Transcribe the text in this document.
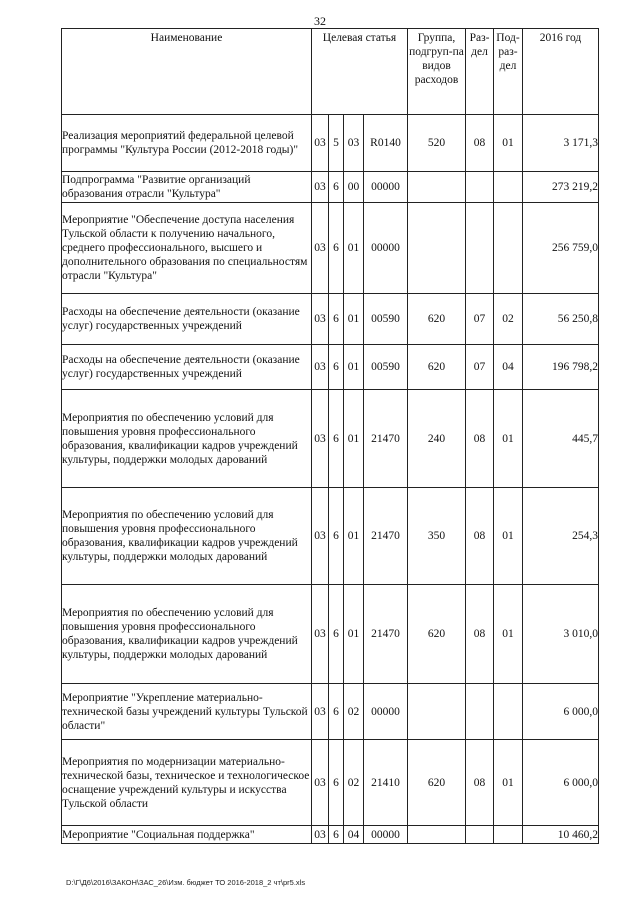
32
Наименование	Целевая статья				Группа, подгруп-па видов расходов	Раз-дел	Под-раз-дел	2016 год
Реализация мероприятий федеральной целевой программы "Культура России (2012-2018 годы)"	03	5	03	R0140	520	08	01	3 171,3
Подпрограмма "Развитие организаций образования отрасли "Культура"	03	6	00	00000				273 219,2
Мероприятие "Обеспечение доступа населения Тульской области к получению начального, среднего профессионального, высшего и дополнительного образования по специальностям отрасли "Культура"	03	6	01	00000				256 759,0
Расходы на обеспечение деятельности (оказание услуг) государственных учреждений	03	6	01	00590	620	07	02	56 250,8
Расходы на обеспечение деятельности (оказание услуг) государственных учреждений	03	6	01	00590	620	07	04	196 798,2
Мероприятия по обеспечению условий для повышения уровня профессионального образования, квалификации кадров учреждений культуры, поддержки молодых дарований	03	6	01	21470	240	08	01	445,7
Мероприятия по обеспечению условий для повышения уровня профессионального образования, квалификации кадров учреждений культуры, поддержки молодых дарований	03	6	01	21470	350	08	01	254,3
Мероприятия по обеспечению условий для повышения уровня профессионального образования, квалификации кадров учреждений культуры, поддержки молодых дарований	03	6	01	21470	620	08	01	3 010,0
Мероприятие "Укрепление материально-технической базы учреждений культуры Тульской области"	03	6	02	00000				6 000,0
Мероприятия по модернизации материально-технической базы, техническое и технологическое оснащение учреждений культуры и искусства Тульской области	03	6	02	21410	620	08	01	6 000,0
Мероприятие "Социальная поддержка"	03	6	04	00000				10 460,2
D:\Г\Д6\2016\ЗАКОН\ЗАС_26\Изм. бюджет ТО 2016-2018_2 чт\pr5.xls
